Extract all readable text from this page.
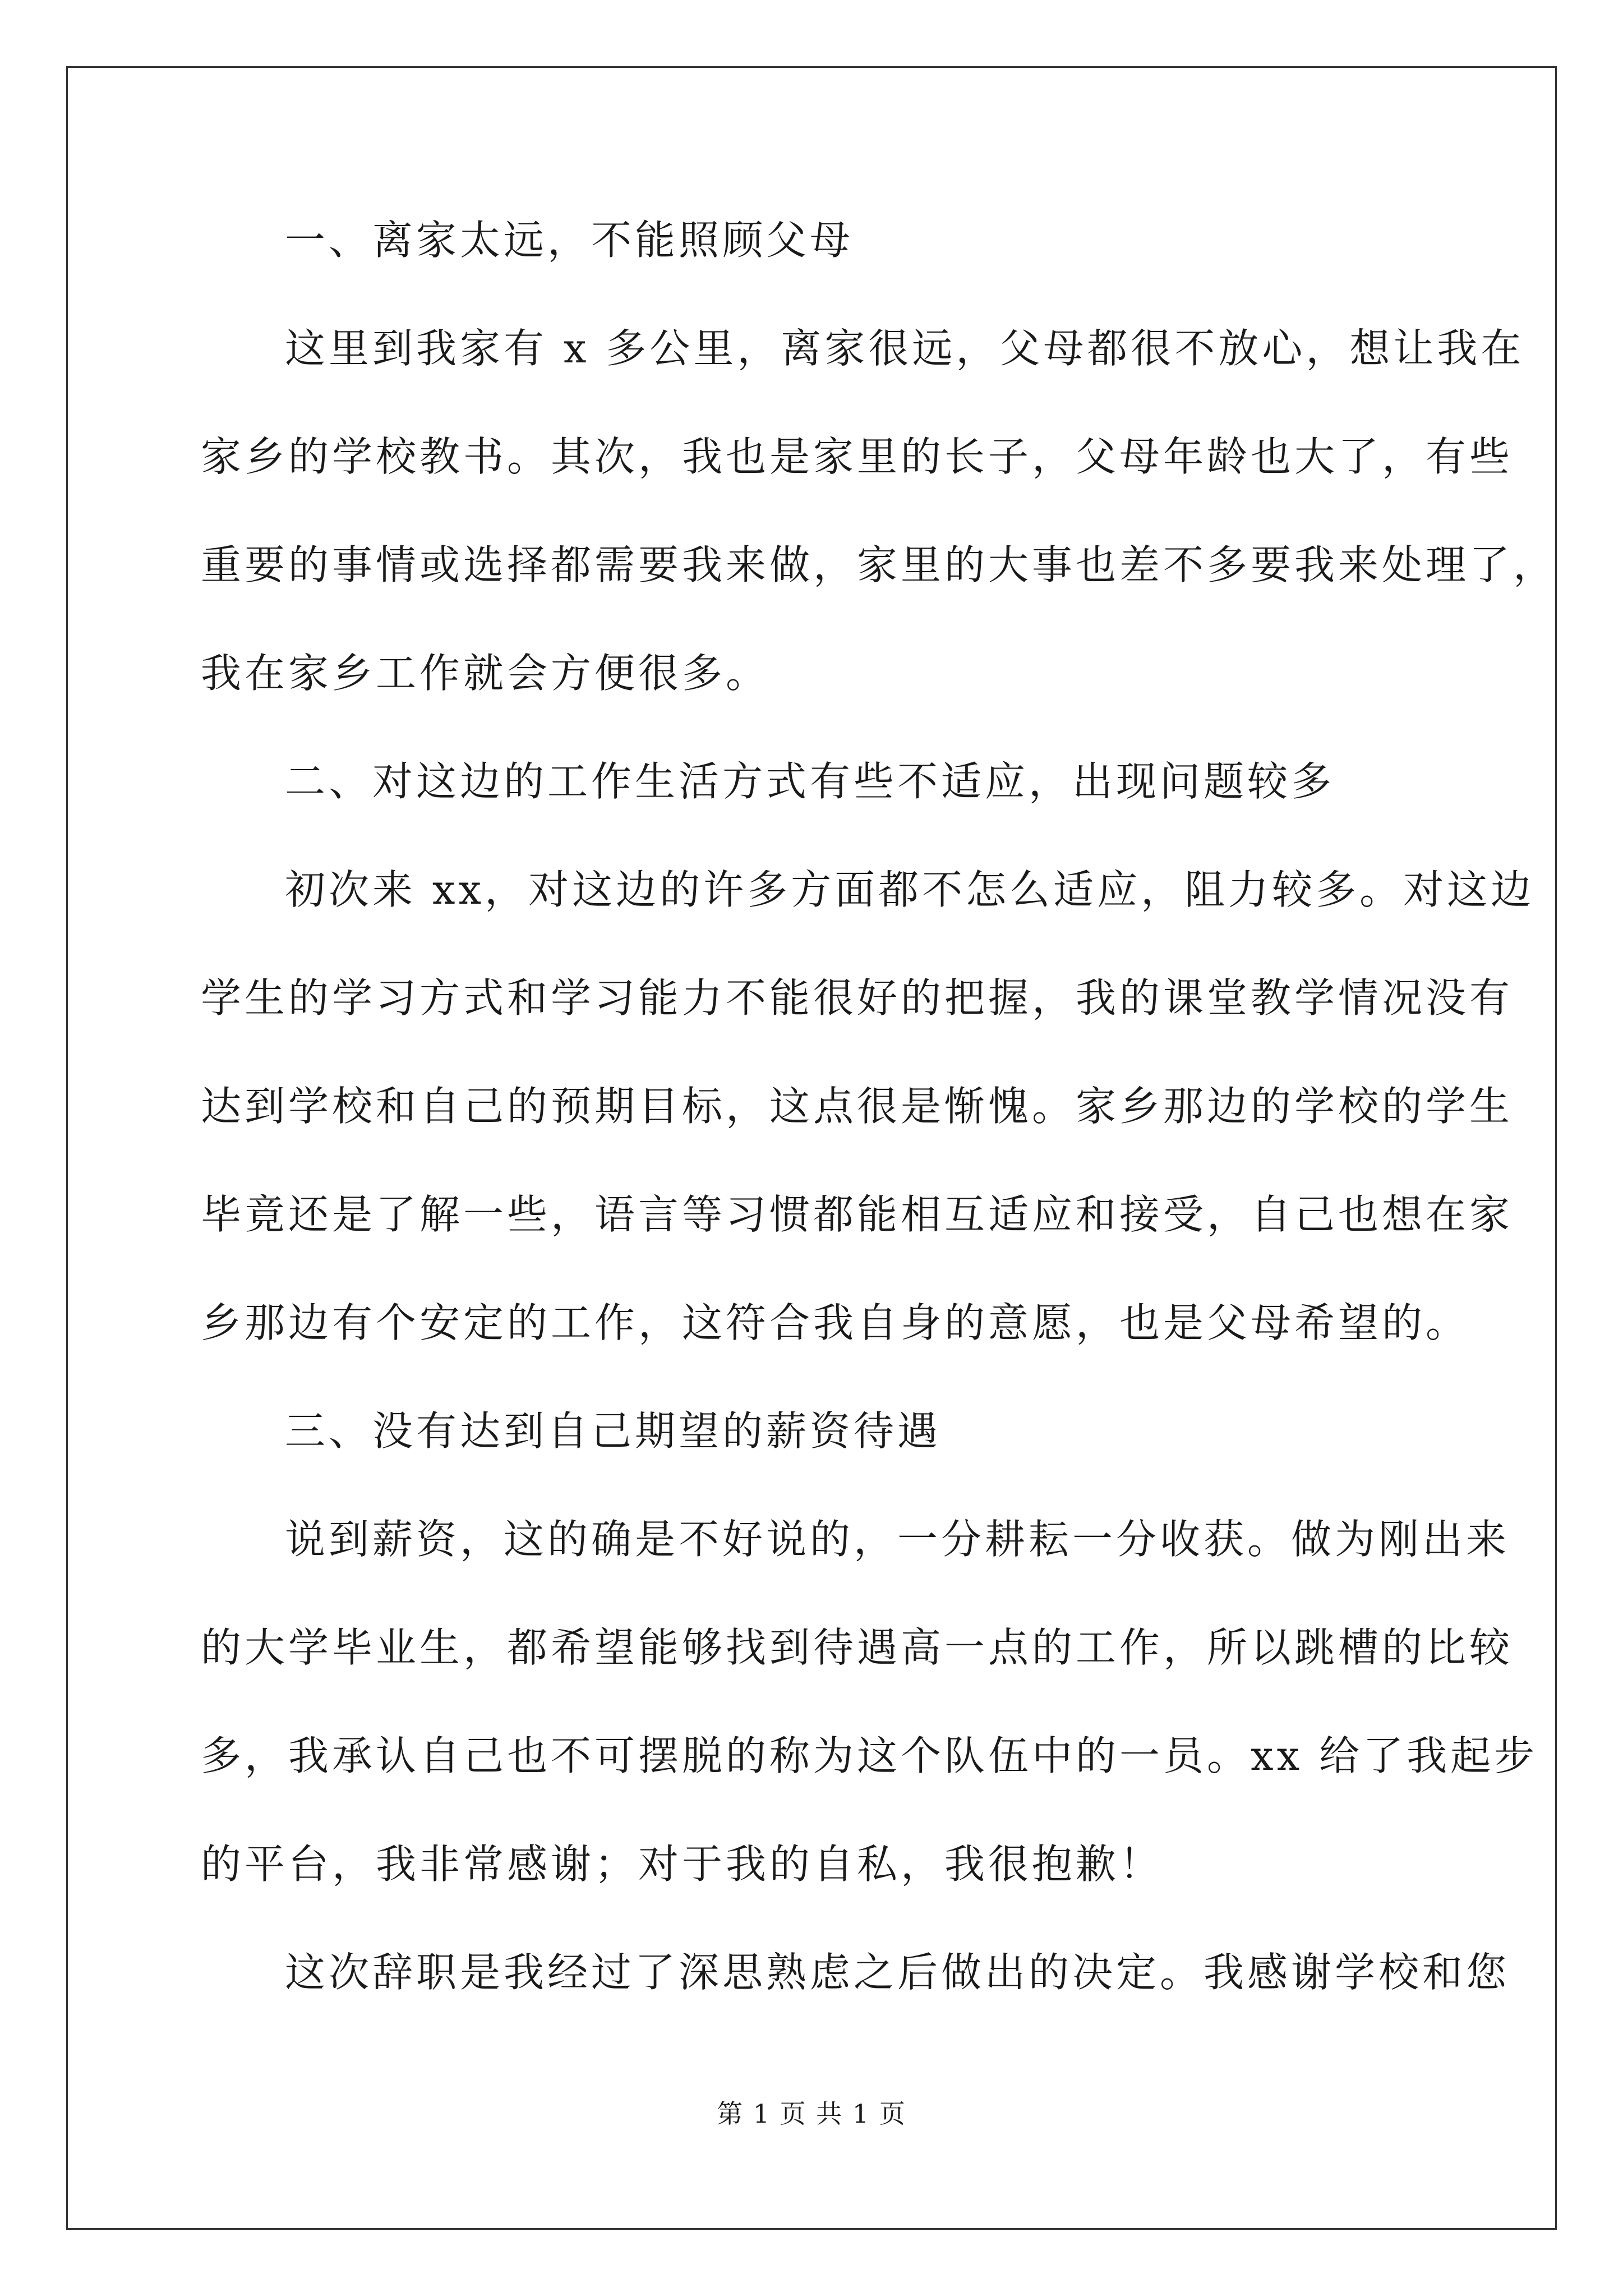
一、离家太远，不能照顾父母
这里到我家有 x 多公里，离家很远，父母都很不放心，想让我在
家乡的学校教书。其次，我也是家里的长子，父母年龄也大了，有些
重要的事情或选择都需要我来做，家里的大事也差不多要我来处理了，
我在家乡工作就会方便很多。
二、对这边的工作生活方式有些不适应，出现问题较多
初次来 xx，对这边的许多方面都不怎么适应，阻力较多。对这边
学生的学习方式和学习能力不能很好的把握，我的课堂教学情况没有
达到学校和自己的预期目标，这点很是惭愧。家乡那边的学校的学生
毕竟还是了解一些，语言等习惯都能相互适应和接受，自己也想在家
乡那边有个安定的工作，这符合我自身的意愿，也是父母希望的。
三、没有达到自己期望的薪资待遇
说到薪资，这的确是不好说的，一分耕耘一分收获。做为刚出来
的大学毕业生，都希望能够找到待遇高一点的工作，所以跳槽的比较
多，我承认自己也不可摆脱的称为这个队伍中的一员。xx 给了我起步
的平台，我非常感谢；对于我的自私，我很抱歉！
这次辞职是我经过了深思熟虑之后做出的决定。我感谢学校和您
第 1 页 共 1 页
